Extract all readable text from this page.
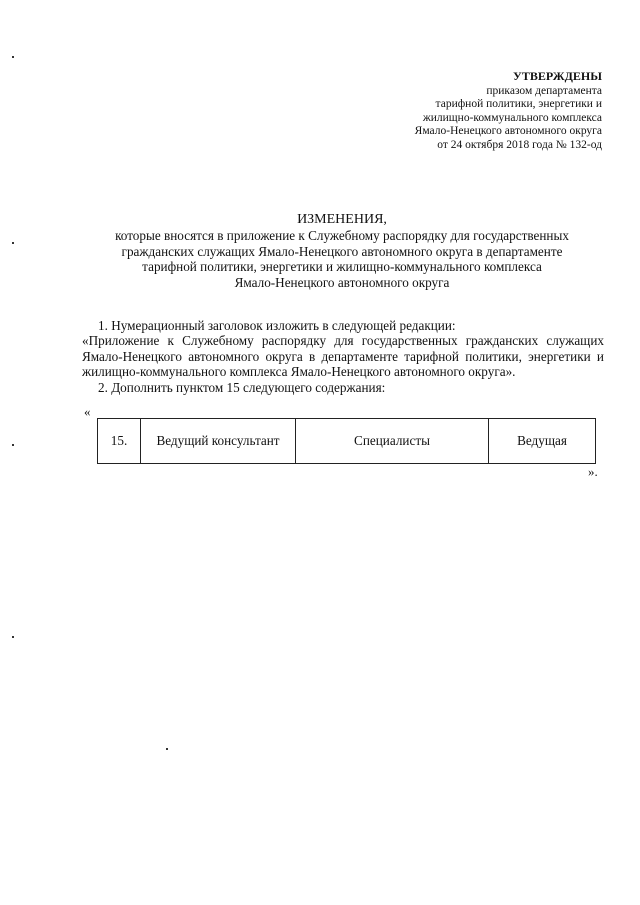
УТВЕРЖДЕНЫ
приказом департамента
тарифной политики, энергетики и
жилищно-коммунального комплекса
Ямало-Ненецкого автономного округа
от 24 октября 2018 года № 132-од
ИЗМЕНЕНИЯ,
которые вносятся в приложение к Служебному распорядку для государственных
гражданских служащих Ямало-Ненецкого автономного округа в департаменте
тарифной политики, энергетики и жилищно-коммунального комплекса
Ямало-Ненецкого автономного округа
1. Нумерационный заголовок изложить в следующей редакции:
«Приложение к Служебному распорядку для государственных гражданских служащих Ямало-Ненецкого автономного округа в департаменте тарифной политики, энергетики и жилищно-коммунального комплекса Ямало-Ненецкого автономного округа».
2. Дополнить пунктом 15 следующего содержания:
«
15.	Ведущий консультант	Специалисты	Ведущая
».
